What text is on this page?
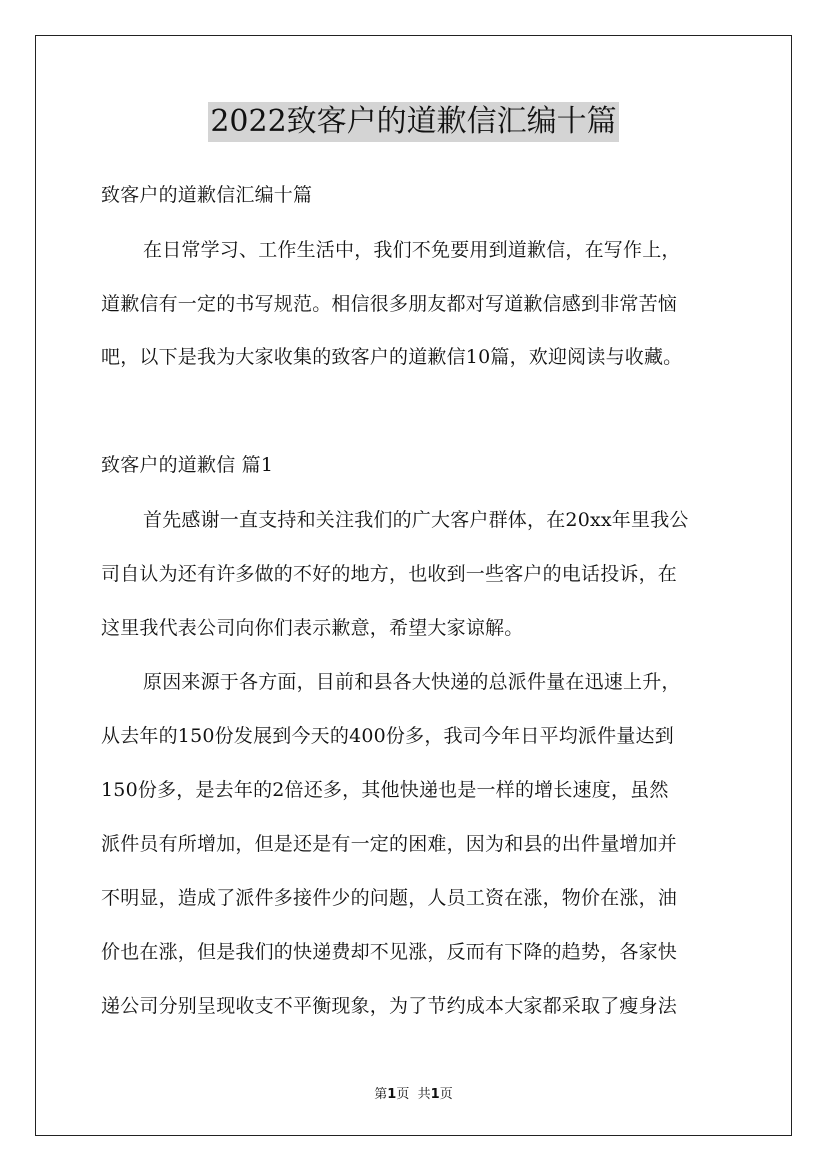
2022致客户的道歉信汇编十篇
致客户的道歉信汇编十篇
在日常学习、工作生活中，我们不免要用到道歉信，在写作上，
道歉信有一定的书写规范。相信很多朋友都对写道歉信感到非常苦恼
吧，以下是我为大家收集的致客户的道歉信10篇，欢迎阅读与收藏。
致客户的道歉信 篇1
首先感谢一直支持和关注我们的广大客户群体，在20xx年里我公
司自认为还有许多做的不好的地方，也收到一些客户的电话投诉，在
这里我代表公司向你们表示歉意，希望大家谅解。
原因来源于各方面，目前和县各大快递的总派件量在迅速上升，
从去年的150份发展到今天的400份多，我司今年日平均派件量达到
150份多，是去年的2倍还多，其他快递也是一样的增长速度，虽然
派件员有所增加，但是还是有一定的困难，因为和县的出件量增加并
不明显，造成了派件多接件少的问题，人员工资在涨，物价在涨，油
价也在涨，但是我们的快递费却不见涨，反而有下降的趋势，各家快
递公司分别呈现收支不平衡现象，为了节约成本大家都采取了瘦身法
第1页 共1页
